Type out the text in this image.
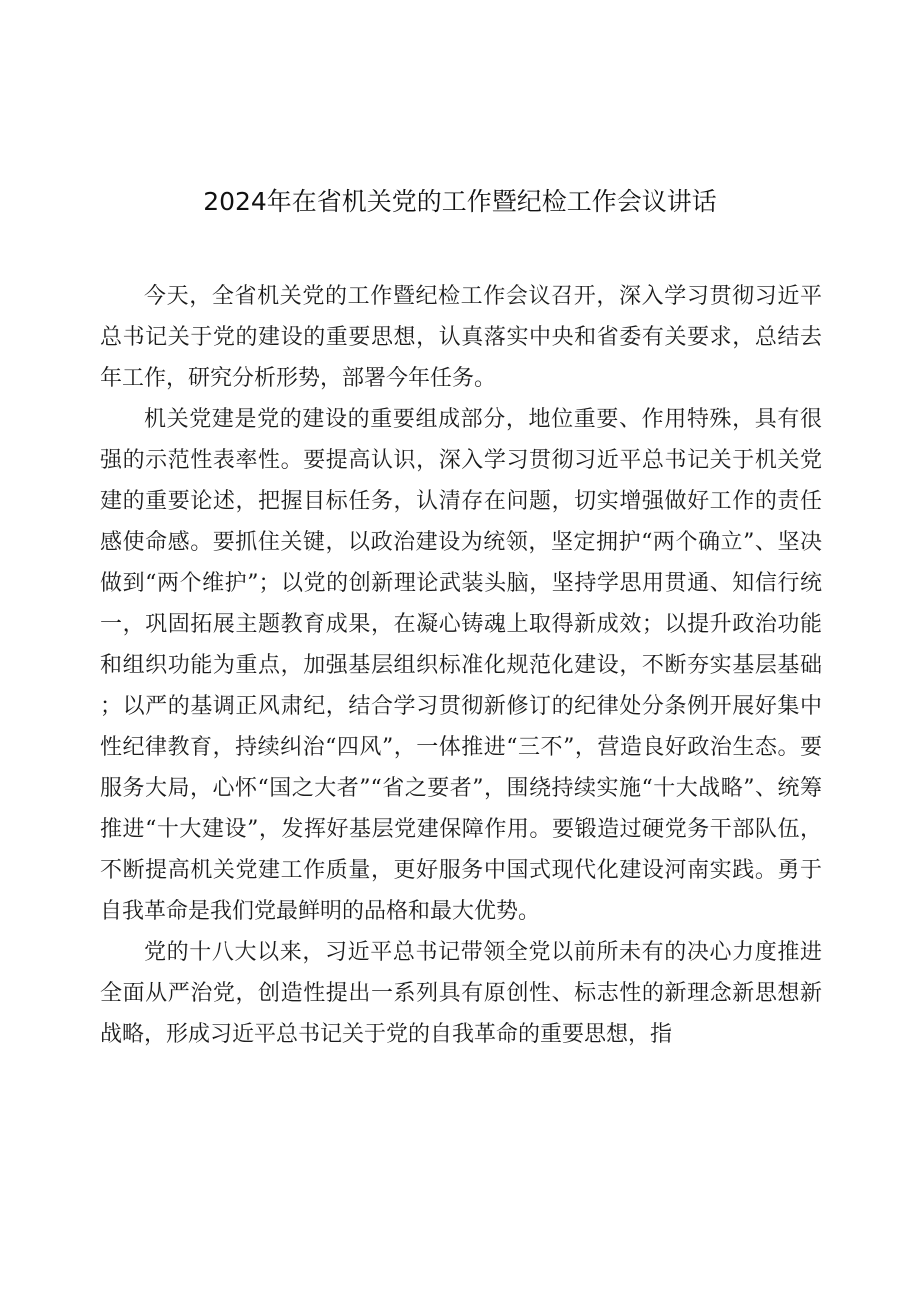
2024年在省机关党的工作暨纪检工作会议讲话

今天，全省机关党的工作暨纪检工作会议召开，深入学习贯彻习近平总书记关于党的建设的重要思想，认真落实中央和省委有关要求，总结去年工作，研究分析形势，部署今年任务。

机关党建是党的建设的重要组成部分，地位重要、作用特殊，具有很强的示范性表率性。要提高认识，深入学习贯彻习近平总书记关于机关党建的重要论述，把握目标任务，认清存在问题，切实增强做好工作的责任感使命感。要抓住关键，以政治建设为统领，坚定拥护“两个确立”、坚决做到“两个维护”；以党的创新理论武装头脑，坚持学思用贯通、知信行统一，巩固拓展主题教育成果，在凝心铸魂上取得新成效；以提升政治功能和组织功能为重点，加强基层组织标准化规范化建设，不断夯实基层基础；以严的基调正风肃纪，结合学习贯彻新修订的纪律处分条例开展好集中性纪律教育，持续纠治“四风”，一体推进“三不”，营造良好政治生态。要服务大局，心怀“国之大者”“省之要者”，围绕持续实施“十大战略”、统筹推进“十大建设”，发挥好基层党建保障作用。要锻造过硬党务干部队伍，不断提高机关党建工作质量，更好服务中国式现代化建设河南实践。勇于自我革命是我们党最鲜明的品格和最大优势。

党的十八大以来，习近平总书记带领全党以前所未有的决心力度推进全面从严治党，创造性提出一系列具有原创性、标志性的新理念新思想新战略，形成习近平总书记关于党的自我革命的重要思想，指
